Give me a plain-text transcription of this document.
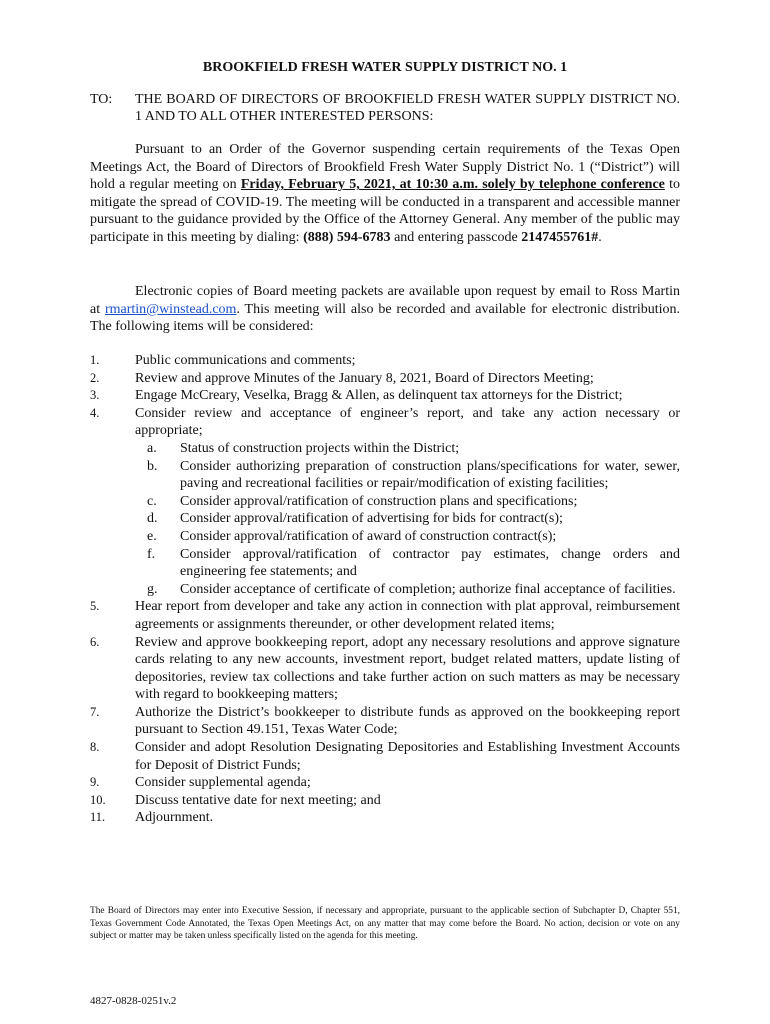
BROOKFIELD FRESH WATER SUPPLY DISTRICT NO. 1
TO: THE BOARD OF DIRECTORS OF BROOKFIELD FRESH WATER SUPPLY DISTRICT NO. 1 AND TO ALL OTHER INTERESTED PERSONS:
Pursuant to an Order of the Governor suspending certain requirements of the Texas Open Meetings Act, the Board of Directors of Brookfield Fresh Water Supply District No. 1 (“District”) will hold a regular meeting on Friday, February 5, 2021, at 10:30 a.m. solely by telephone conference to mitigate the spread of COVID-19. The meeting will be conducted in a transparent and accessible manner pursuant to the guidance provided by the Office of the Attorney General. Any member of the public may participate in this meeting by dialing: (888) 594-6783 and entering passcode 2147455761#.
Electronic copies of Board meeting packets are available upon request by email to Ross Martin at rmartin@winstead.com. This meeting will also be recorded and available for electronic distribution. The following items will be considered:
1.	Public communications and comments;
2.	Review and approve Minutes of the January 8, 2021, Board of Directors Meeting;
3.	Engage McCreary, Veselka, Bragg & Allen, as delinquent tax attorneys for the District;
4.	Consider review and acceptance of engineer’s report, and take any action necessary or appropriate;
a. Status of construction projects within the District;
b. Consider authorizing preparation of construction plans/specifications for water, sewer, paving and recreational facilities or repair/modification of existing facilities;
c. Consider approval/ratification of construction plans and specifications;
d. Consider approval/ratification of advertising for bids for contract(s);
e. Consider approval/ratification of award of construction contract(s);
f. Consider approval/ratification of contractor pay estimates, change orders and engineering fee statements; and
g. Consider acceptance of certificate of completion; authorize final acceptance of facilities.
5.	Hear report from developer and take any action in connection with plat approval, reimbursement agreements or assignments thereunder, or other development related items;
6.	Review and approve bookkeeping report, adopt any necessary resolutions and approve signature cards relating to any new accounts, investment report, budget related matters, update listing of depositories, review tax collections and take further action on such matters as may be necessary with regard to bookkeeping matters;
7.	Authorize the District’s bookkeeper to distribute funds as approved on the bookkeeping report pursuant to Section 49.151, Texas Water Code;
8.	Consider and adopt Resolution Designating Depositories and Establishing Investment Accounts for Deposit of District Funds;
9.	Consider supplemental agenda;
10. Discuss tentative date for next meeting; and
11. Adjournment.
The Board of Directors may enter into Executive Session, if necessary and appropriate, pursuant to the applicable section of Subchapter D, Chapter 551, Texas Government Code Annotated, the Texas Open Meetings Act, on any matter that may come before the Board. No action, decision or vote on any subject or matter may be taken unless specifically listed on the agenda for this meeting.
4827-0828-0251v.2
